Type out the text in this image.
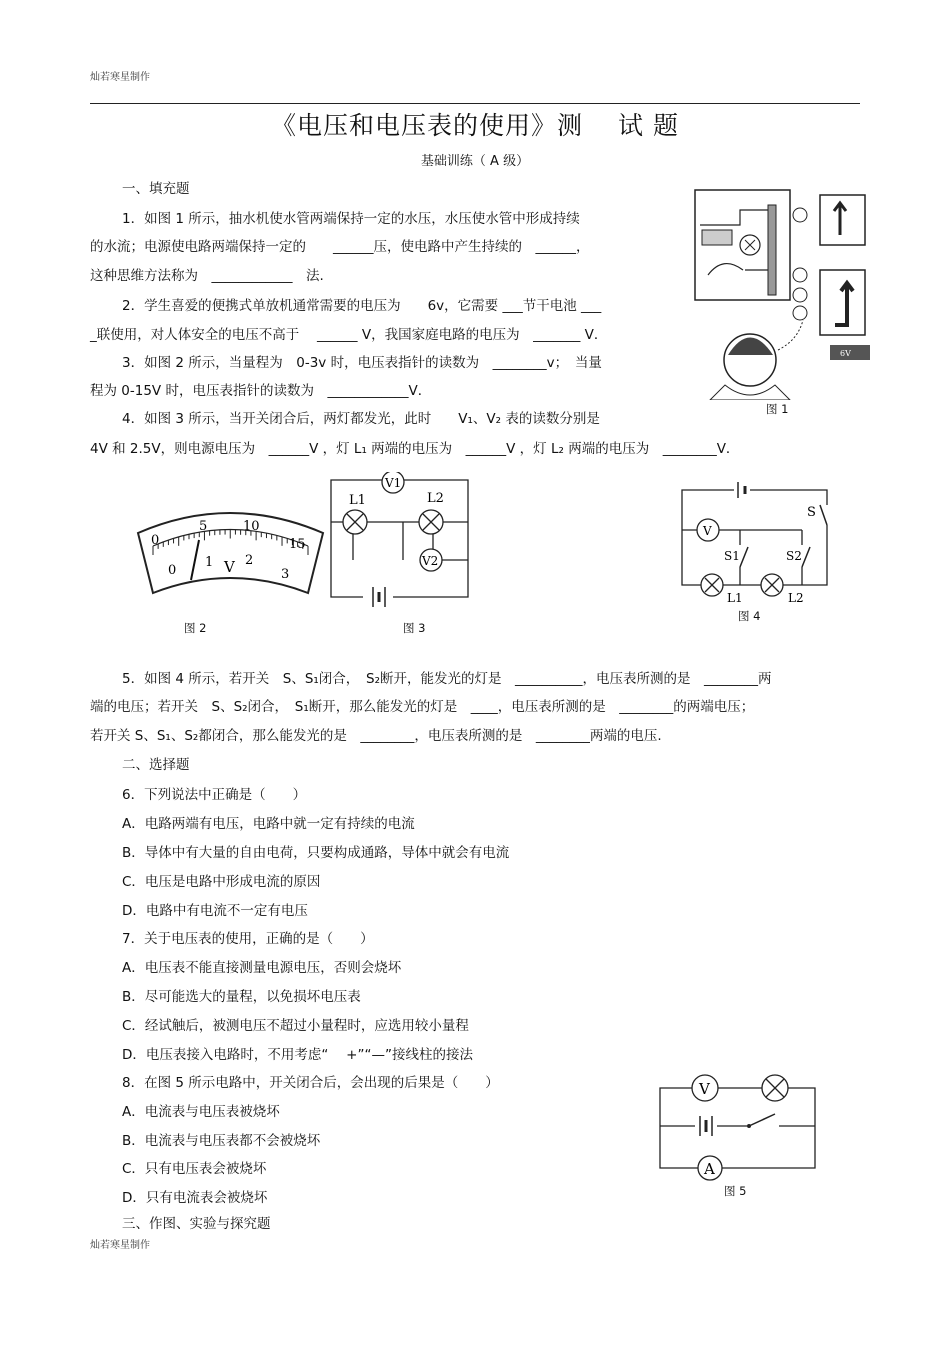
灿若寒星制作
《电压和电压表的使用》测　 试 题
基础训练（ A 级）
一、填充题
1．如图 1 所示，抽水机使水管两端保持一定的水压，水压使水管中形成持续
的水流；电源使电路两端保持一定的　　______压，使电路中产生持续的　______，
这种思维方法称为　____________　法.
2．学生喜爱的便携式单放机通常需要的电压为　　6v，它需要 ___节干电池 ___
_联使用，对人体安全的电压不高于　 ______ V，我国家庭电路的电压为　_______ V．
3．如图 2 所示，当量程为　0-3v 时，电压表指针的读数为　________v；　当量
程为 0-15V 时，电压表指针的读数为　____________V．
4．如图 3 所示，当开关闭合后，两灯都发光，此时　　V₁、V₂ 表的读数分别是
4V 和 2.5V，则电源电压为　______V ，灯 L₁ 两端的电压为　______V ，灯 L₂ 两端的电压为　________V．
6V
图 1
0
5	10
15
0
1 2
3
V
图 2
V1
L1	L2
V2
图 3
S
V
S1	S2
L1	L2
图 4
5．如图 4 所示，若开关　S、S₁闭合，　S₂断开，能发光的灯是　__________，电压表所测的是　________两
端的电压；若开关　S、S₂闭合，　S₁断开，那么能发光的灯是　____，电压表所测的是　________的两端电压；
若开关 S、S₁、S₂都闭合，那么能发光的是　________，电压表所测的是　________两端的电压.
二、选择题
6．下列说法中正确是（　　）
A．电路两端有电压，电路中就一定有持续的电流
B．导体中有大量的自由电荷，只要构成通路，导体中就会有电流
C．电压是电路中形成电流的原因
D．电路中有电流不一定有电压
7．关于电压表的使用，正确的是（　　）
A．电压表不能直接测量电源电压，否则会烧坏
B．尽可能选大的量程，以免损坏电压表
C．经试触后，被测电压不超过小量程时，应选用较小量程
D．电压表接入电路时，不用考虑“　 +”“—”接线柱的接法
8．在图 5 所示电路中，开关闭合后，会出现的后果是（　　）
A．电流表与电压表被烧坏
B．电流表与电压表都不会被烧坏
C．只有电压表会被烧坏
D．只有电流表会被烧坏
三、作图、实验与探究题
V
A
图 5
灿若寒星制作
